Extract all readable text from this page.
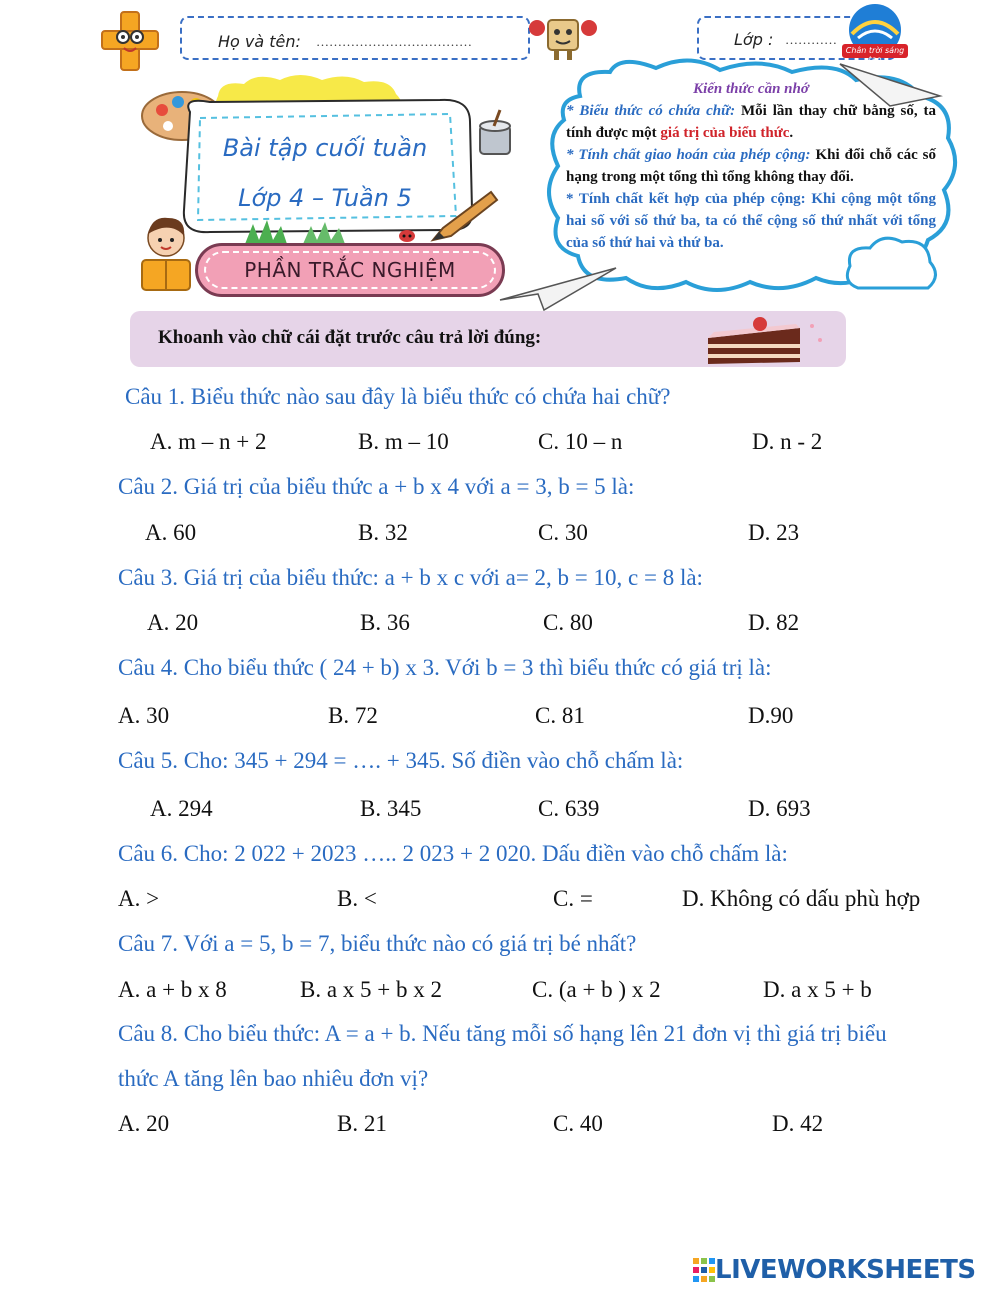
Họ và tên: ………………………………	Lớp : …………
Chân trời sáng tạo
Bài tập cuối tuần
Lớp 4 – Tuần 5
PHẦN TRẮC NGHIỆM
Kiến thức cần nhớ
* Biểu thức có chứa chữ: Mỗi lần thay chữ bằng số, ta tính được một giá trị của biểu thức.
* Tính chất giao hoán của phép cộng: Khi đổi chỗ các số hạng trong một tổng thì tổng không thay đổi.
* Tính chất kết hợp của phép cộng: Khi cộng một tổng hai số với số thứ ba, ta có thể cộng số thứ nhất với tổng của số thứ hai và thứ ba.
Khoanh vào chữ cái đặt trước câu trả lời đúng:
Câu 1. Biểu thức nào sau đây là biểu thức có chứa hai chữ?
A. m – n + 2	B. m – 10	C. 10 – n	D. n - 2
Câu 2. Giá trị của biểu thức a + b x 4 với a = 3, b = 5 là:
A. 60	B. 32	C. 30	D. 23
Câu 3. Giá trị của biểu thức: a + b x c với a= 2, b = 10, c = 8 là:
A. 20	B. 36	C. 80	D. 82
Câu 4. Cho biểu thức ( 24 + b) x 3. Với b = 3 thì biểu thức có giá trị là:
A. 30	B. 72	C. 81	D.90
Câu 5. Cho: 345 + 294 = …. + 345. Số điền vào chỗ chấm là:
A. 294	B. 345	C. 639	D. 693
Câu 6. Cho: 2 022 + 2023 ….. 2 023 + 2 020. Dấu điền vào chỗ chấm là:
A. >	B. <	C. =	D. Không có dấu phù hợp
Câu 7. Với a = 5, b = 7, biểu thức nào có giá trị bé nhất?
A. a + b x 8	B. a x 5 + b x 2	C. (a + b ) x 2	D. a x 5 + b
Câu 8. Cho biểu thức: A = a + b. Nếu tăng mỗi số hạng lên 21 đơn vị thì giá trị biểu
thức A tăng lên bao nhiêu đơn vị?
A. 20	B. 21	C. 40	D. 42
LIVEWORKSHEETS
